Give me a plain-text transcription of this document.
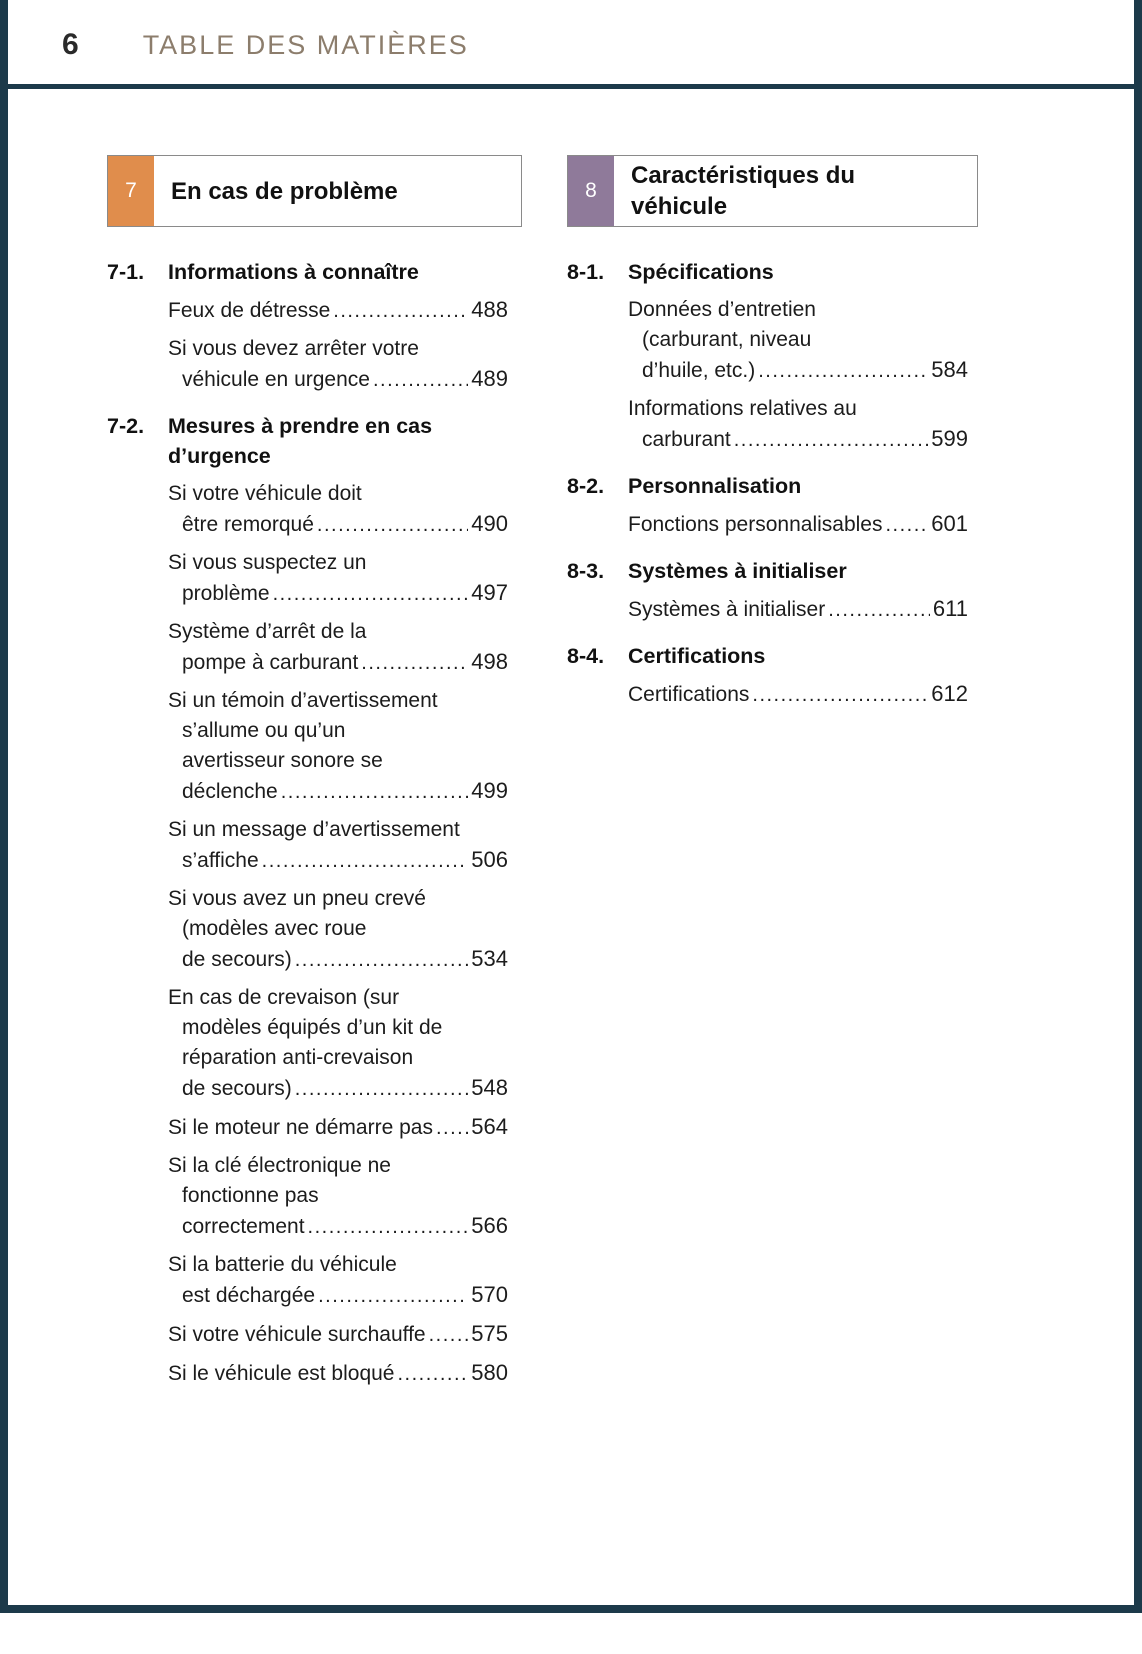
6 TABLE DES MATIÈRES
7	En cas de problème
7-1.	Informations à connaître
Feux de détresse .....	488
Si vous devez arrêter votre
véhicule en urgence .....	489
7-2.	Mesures à prendre en cas
d’urgence
Si votre véhicule doit
être remorqué .....	490
Si vous suspectez un
problème .....	497
Système d’arrêt de la
pompe à carburant .....	498
Si un témoin d’avertissement
s’allume ou qu’un
avertisseur sonore se
déclenche .....	499
Si un message d’avertissement
s’affiche .....	506
Si vous avez un pneu crevé
(modèles avec roue
de secours) .....	534
En cas de crevaison (sur
modèles équipés d’un kit de
réparation anti-crevaison
de secours) .....	548
Si le moteur ne démarre pas ..... 564
Si la clé électronique ne
fonctionne pas
correctement .....	566
Si la batterie du véhicule
est déchargée .....	570
Si votre véhicule surchauffe ..... 575
Si le véhicule est bloqué .....	580
8
Caractéristiques du
véhicule
8-1.	Spécifications
Données d’entretien
(carburant, niveau
d’huile, etc.) .....	584
Informations relatives au
carburant .....	599
8-2.	Personnalisation
Fonctions personnalisables ..... 601
8-3.	Systèmes à initialiser
Systèmes à initialiser .....	611
8-4.	Certifications
Certifications .....	612
